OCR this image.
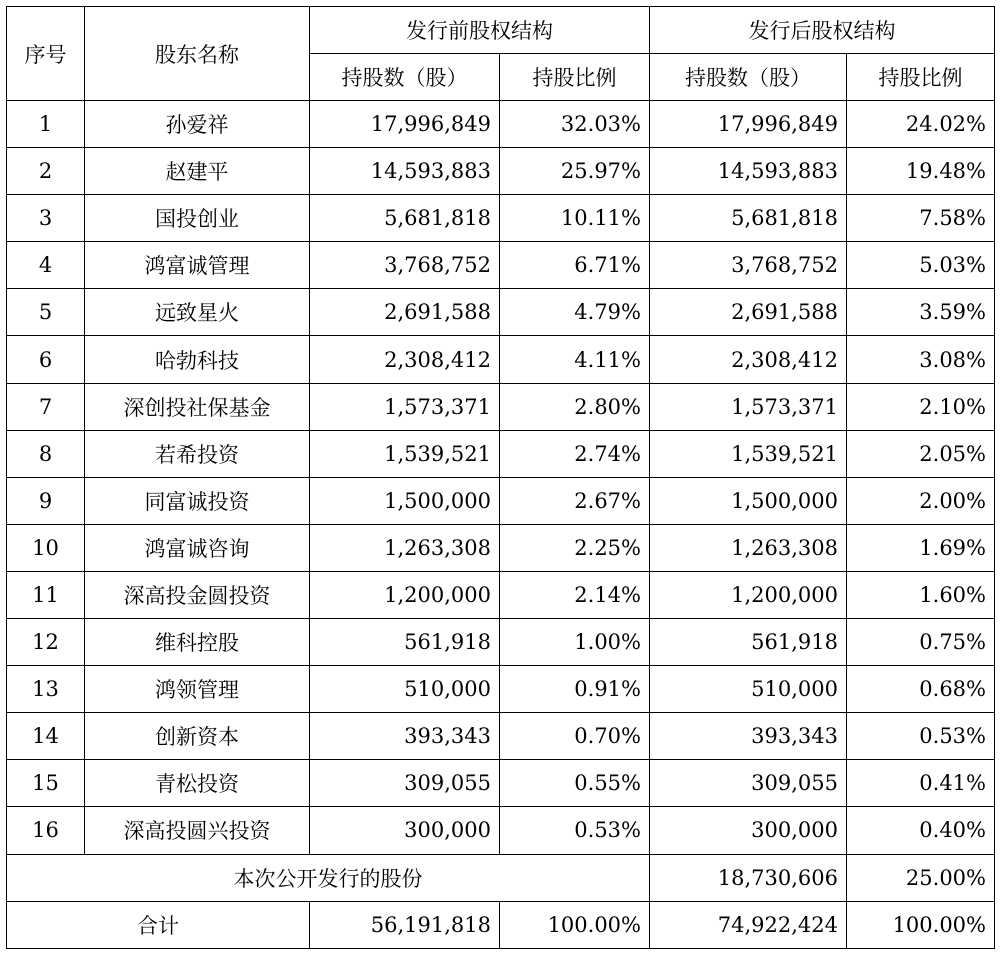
序号	股东名称	发行前股权结构		发行后股权结构	
		持股数（股）	持股比例	持股数（股）	持股比例
1	孙爱祥	17,996,849	32.03%	17,996,849	24.02%
2	赵建平	14,593,883	25.97%	14,593,883	19.48%
3	国投创业	5,681,818	10.11%	5,681,818	7.58%
4	鸿富诚管理	3,768,752	6.71%	3,768,752	5.03%
5	远致星火	2,691,588	4.79%	2,691,588	3.59%
6	哈勃科技	2,308,412	4.11%	2,308,412	3.08%
7	深创投社保基金	1,573,371	2.80%	1,573,371	2.10%
8	若希投资	1,539,521	2.74%	1,539,521	2.05%
9	同富诚投资	1,500,000	2.67%	1,500,000	2.00%
10	鸿富诚咨询	1,263,308	2.25%	1,263,308	1.69%
11	深高投金圆投资	1,200,000	2.14%	1,200,000	1.60%
12	维科控股	561,918	1.00%	561,918	0.75%
13	鸿领管理	510,000	0.91%	510,000	0.68%
14	创新资本	393,343	0.70%	393,343	0.53%
15	青松投资	309,055	0.55%	309,055	0.41%
16	深高投圆兴投资	300,000	0.53%	300,000	0.40%
本次公开发行的股份				18,730,606	25.00%
合计		56,191,818	100.00%	74,922,424	100.00%
